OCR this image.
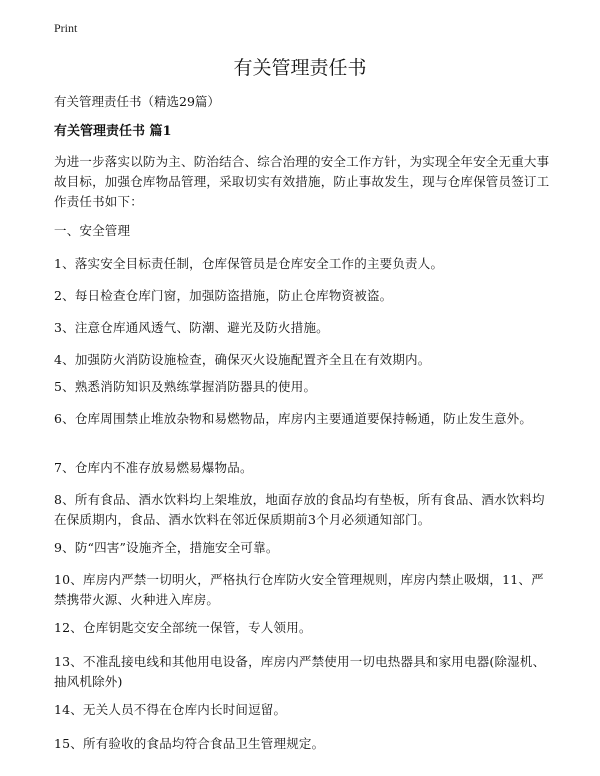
Print
有关管理责任书

有关管理责任书（精选29篇）

有关管理责任书 篇1

为进一步落实以防为主、防治结合、综合治理的安全工作方针，为实现全年安全无重大事故目标，加强仓库物品管理，采取切实有效措施，防止事故发生，现与仓库保管员签订工作责任书如下：

一、安全管理

1、落实安全目标责任制，仓库保管员是仓库安全工作的主要负责人。

2、每日检查仓库门窗，加强防盗措施，防止仓库物资被盗。

3、注意仓库通风透气、防潮、避光及防火措施。

4、加强防火消防设施检查，确保灭火设施配置齐全且在有效期内。

5、熟悉消防知识及熟练掌握消防器具的使用。

6、仓库周围禁止堆放杂物和易燃物品，库房内主要通道要保持畅通，防止发生意外。

7、仓库内不准存放易燃易爆物品。

8、所有食品、酒水饮料均上架堆放，地面存放的食品均有垫板，所有食品、酒水饮料均在保质期内，食品、酒水饮料在邻近保质期前3个月必须通知部门。

9、防“四害”设施齐全，措施安全可靠。

10、库房内严禁一切明火，严格执行仓库防火安全管理规则，库房内禁止吸烟，11、严禁携带火源、火种进入库房。

12、仓库钥匙交安全部统一保管，专人领用。

13、不准乱接电线和其他用电设备，库房内严禁使用一切电热器具和家用电器(除湿机、抽风机除外)

14、无关人员不得在仓库内长时间逗留。

15、所有验收的食品均符合食品卫生管理规定。
